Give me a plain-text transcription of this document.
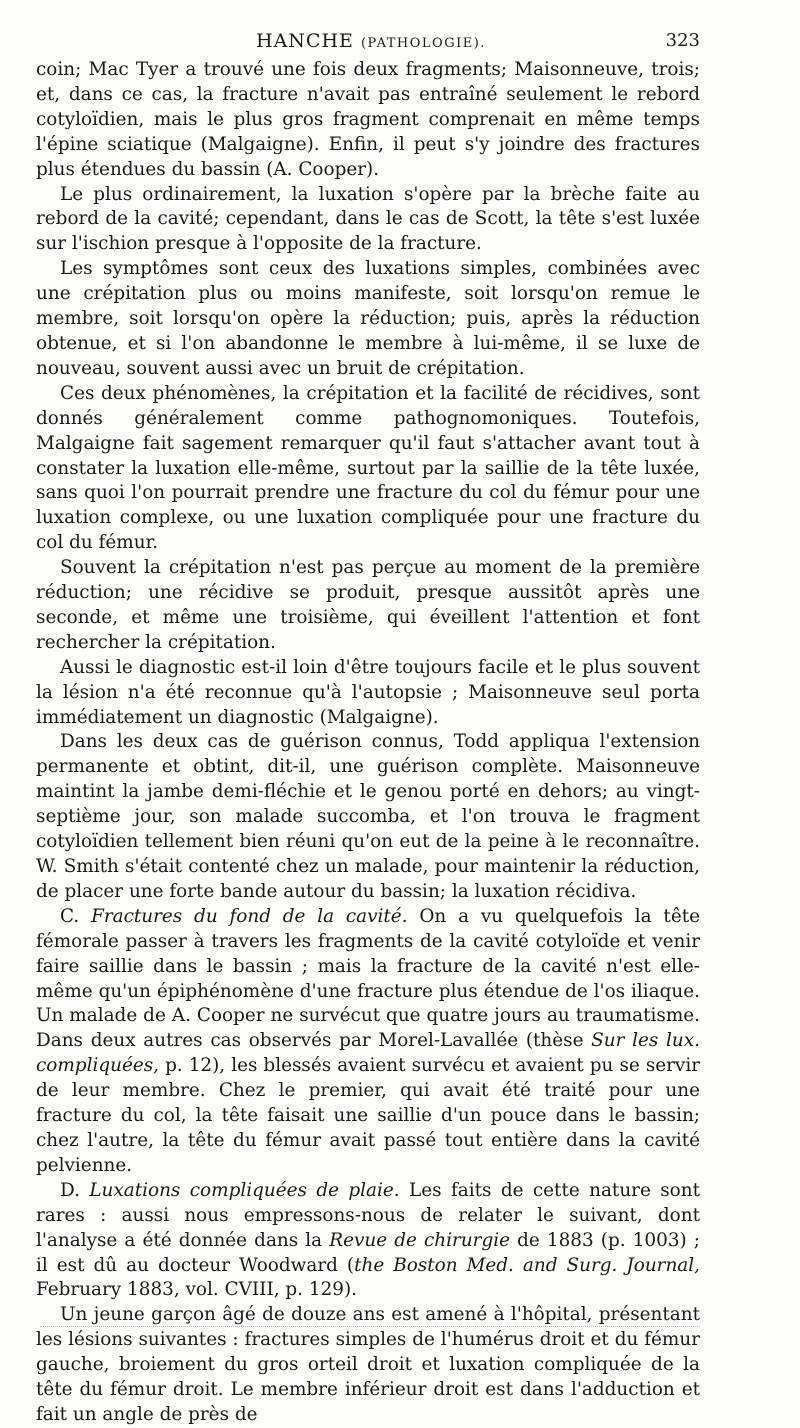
HANCHE (PATHOLOGIE).	323

coin; Mac Tyer a trouvé une fois deux fragments; Maisonneuve, trois; et, dans ce cas, la fracture n'avait pas entraîné seulement le rebord cotyloïdien, mais le plus gros fragment comprenait en même temps l'épine sciatique (Malgaigne). Enfin, il peut s'y joindre des fractures plus étendues du bassin (A. Cooper).

Le plus ordinairement, la luxation s'opère par la brèche faite au rebord de la cavité; cependant, dans le cas de Scott, la tête s'est luxée sur l'ischion presque à l'opposite de la fracture.

Les symptômes sont ceux des luxations simples, combinées avec une crépitation plus ou moins manifeste, soit lorsqu'on remue le membre, soit lorsqu'on opère la réduction; puis, après la réduction obtenue, et si l'on abandonne le membre à lui-même, il se luxe de nouveau, souvent aussi avec un bruit de crépitation.

Ces deux phénomènes, la crépitation et la facilité de récidives, sont donnés généralement comme pathognomoniques. Toutefois, Malgaigne fait sagement remarquer qu'il faut s'attacher avant tout à constater la luxation elle-même, surtout par la saillie de la tête luxée, sans quoi l'on pourrait prendre une fracture du col du fémur pour une luxation complexe, ou une luxation compliquée pour une fracture du col du fémur.

Souvent la crépitation n'est pas perçue au moment de la première réduction; une récidive se produit, presque aussitôt après une seconde, et même une troisième, qui éveillent l'attention et font rechercher la crépitation.

Aussi le diagnostic est-il loin d'être toujours facile et le plus souvent la lésion n'a été reconnue qu'à l'autopsie ; Maisonneuve seul porta immédiatement un diagnostic (Malgaigne).

Dans les deux cas de guérison connus, Todd appliqua l'extension permanente et obtint, dit-il, une guérison complète. Maisonneuve maintint la jambe demi-fléchie et le genou porté en dehors; au vingt-septième jour, son malade succomba, et l'on trouva le fragment cotyloïdien tellement bien réuni qu'on eut de la peine à le reconnaître. W. Smith s'était contenté chez un malade, pour maintenir la réduction, de placer une forte bande autour du bassin; la luxation récidiva.

C. Fractures du fond de la cavité. On a vu quelquefois la tête fémorale passer à travers les fragments de la cavité cotyloïde et venir faire saillie dans le bassin ; mais la fracture de la cavité n'est elle-même qu'un épiphénomène d'une fracture plus étendue de l'os iliaque. Un malade de A. Cooper ne survécut que quatre jours au traumatisme. Dans deux autres cas observés par Morel-Lavallée (thèse Sur les lux. compliquées, p. 12), les blessés avaient survécu et avaient pu se servir de leur membre. Chez le premier, qui avait été traité pour une fracture du col, la tête faisait une saillie d'un pouce dans le bassin; chez l'autre, la tête du fémur avait passé tout entière dans la cavité pelvienne.

D. Luxations compliquées de plaie. Les faits de cette nature sont rares : aussi nous empressons-nous de relater le suivant, dont l'analyse a été donnée dans la Revue de chirurgie de 1883 (p. 1003) ; il est dû au docteur Woodward (the Boston Med. and Surg. Journal, February 1883, vol. CVIII, p. 129).

Un jeune garçon âgé de douze ans est amené à l'hôpital, présentant les lésions suivantes : fractures simples de l'humérus droit et du fémur gauche, broiement du gros orteil droit et luxation compliquée de la tête du fémur droit. Le membre inférieur droit est dans l'adduction et fait un angle de près de
